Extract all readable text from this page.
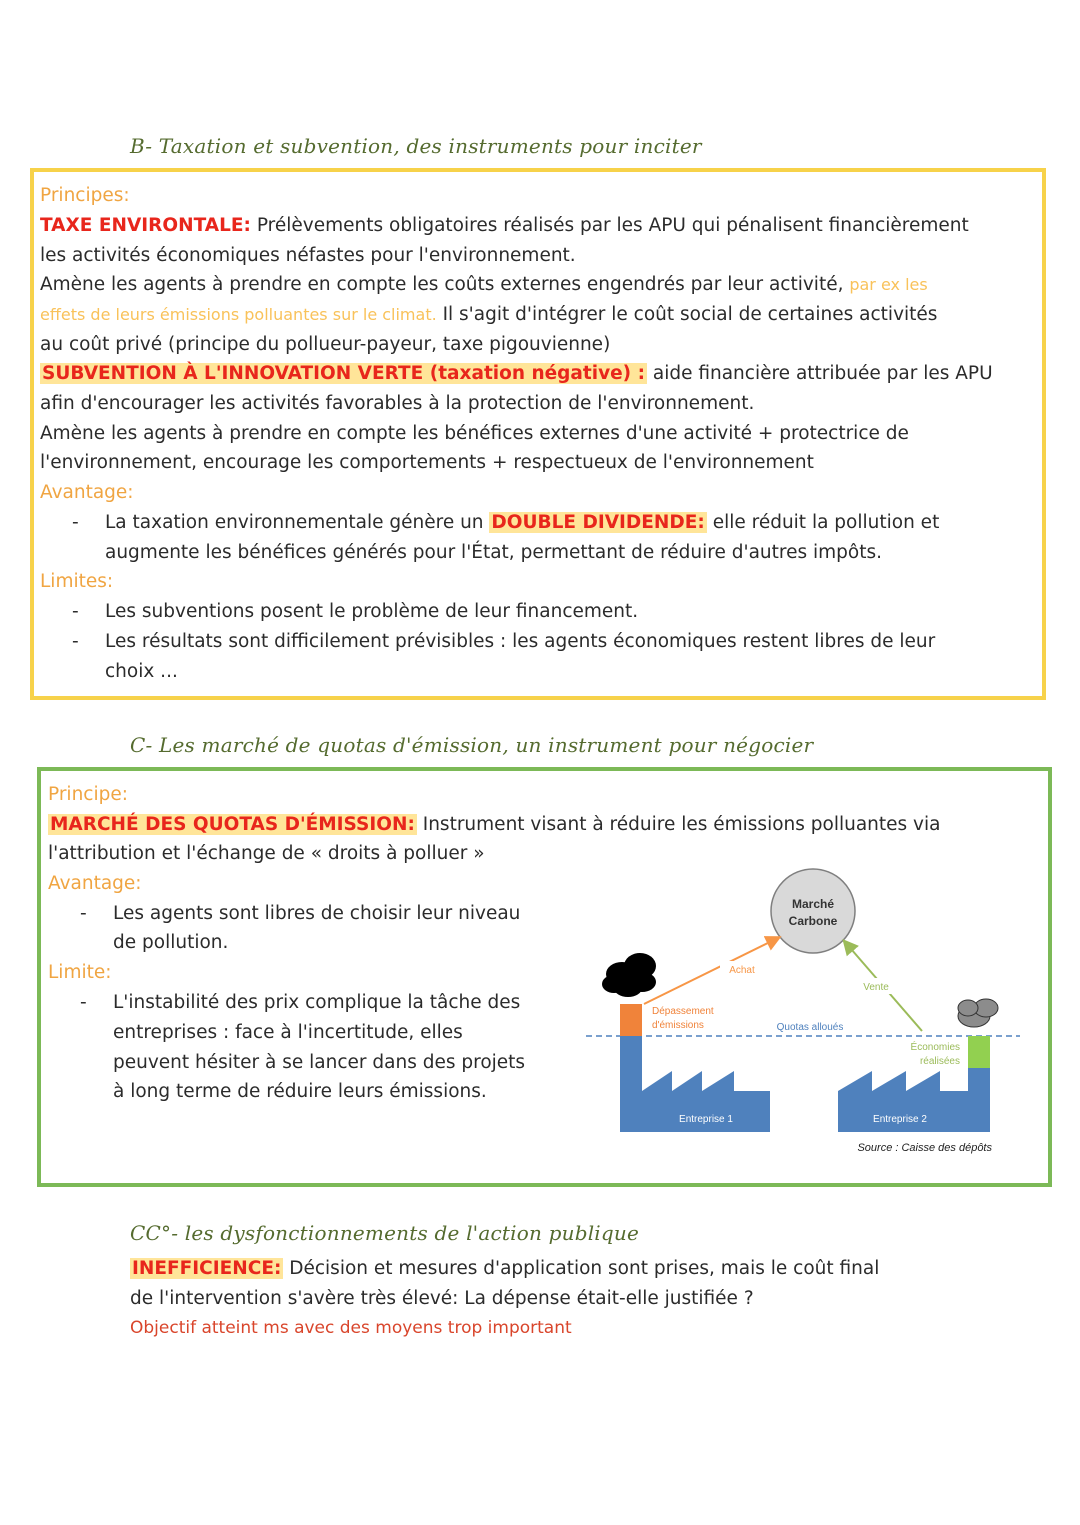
B- Taxation et subvention, des instruments pour inciter
Principes:
TAXE ENVIRONTALE: Prélèvements obligatoires réalisés par les APU qui pénalisent financièrement
les activités économiques néfastes pour l'environnement.
Amène les agents à prendre en compte les coûts externes engendrés par leur activité, par ex les
effets de leurs émissions polluantes sur le climat. Il s'agit d'intégrer le coût social de certaines activités
au coût privé (principe du pollueur-payeur, taxe pigouvienne)
SUBVENTION À L'INNOVATION VERTE (taxation négative) : aide financière attribuée par les APU
afin d'encourager les activités favorables à la protection de l'environnement.
Amène les agents à prendre en compte les bénéfices externes d'une activité + protectrice de
l'environnement, encourage les comportements + respectueux de l'environnement
Avantage:
- La taxation environnementale génère un DOUBLE DIVIDENDE: elle réduit la pollution et
augmente les bénéfices générés pour l'État, permettant de réduire d'autres impôts.
Limites:
- Les subventions posent le problème de leur financement.
- Les résultats sont difficilement prévisibles : les agents économiques restent libres de leur
choix ...
C- Les marché de quotas d'émission, un instrument pour négocier
Principe:
MARCHÉ DES QUOTAS D'ÉMISSION: Instrument visant à réduire les émissions polluantes via
l'attribution et l'échange de « droits à polluer »
Avantage:
- Les agents sont libres de choisir leur niveau
de pollution.
Limite:
- L'instabilité des prix complique la tâche des
entreprises : face à l'incertitude, elles
peuvent hésiter à se lancer dans des projets
à long terme de réduire leurs émissions.
Marché
Carbone
Achat
Vente
Dépassement
d'émissions	Quotas alloués
Économies
réalisées
Entreprise 1	Entreprise 2
Source : Caisse des dépôts
CC°- les dysfonctionnements de l'action publique
INEFFICIENCE: Décision et mesures d'application sont prises, mais le coût final
de l'intervention s'avère très élevé: La dépense était-elle justifiée ?
Objectif atteint ms avec des moyens trop important
